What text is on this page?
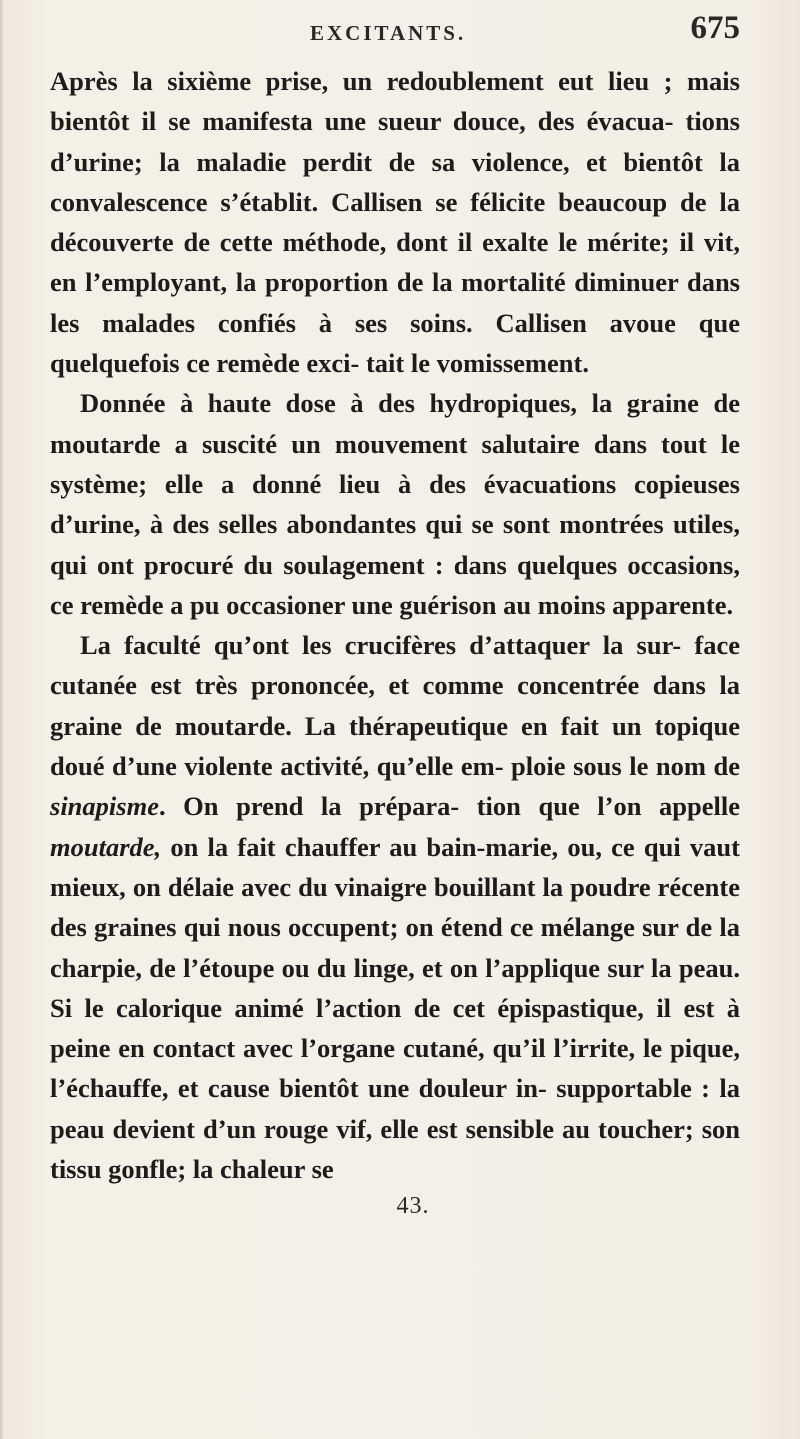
EXCITANTS.	675

Après la sixième prise, un redoublement eut lieu ; mais bientôt il se manifesta une sueur douce, des évacua- tions d’urine; la maladie perdit de sa violence, et bientôt la convalescence s’établit. Callisen se félicite beaucoup de la découverte de cette méthode, dont il exalte le mérite; il vit, en l’employant, la proportion de la mortalité diminuer dans les malades confiés à ses soins. Callisen avoue que quelquefois ce remède exci- tait le vomissement.

Donnée à haute dose à des hydropiques, la graine de moutarde a suscité un mouvement salutaire dans tout le système; elle a donné lieu à des évacuations copieuses d’urine, à des selles abondantes qui se sont montrées utiles, qui ont procuré du soulagement : dans quelques occasions, ce remède a pu occasioner une guérison au moins apparente.

La faculté qu’ont les crucifères d’attaquer la sur- face cutanée est très prononcée, et comme concentrée dans la graine de moutarde. La thérapeutique en fait un topique doué d’une violente activité, qu’elle em- ploie sous le nom de sinapisme. On prend la prépara- tion que l’on appelle moutarde, on la fait chauffer au bain-marie, ou, ce qui vaut mieux, on délaie avec du vinaigre bouillant la poudre récente des graines qui nous occupent; on étend ce mélange sur de la charpie, de l’étoupe ou du linge, et on l’applique sur la peau. Si le calorique animé l’action de cet épispastique, il est à peine en contact avec l’organe cutané, qu’il l’irrite, le pique, l’échauffe, et cause bientôt une douleur in- supportable : la peau devient d’un rouge vif, elle est sensible au toucher; son tissu gonfle; la chaleur se

43.
